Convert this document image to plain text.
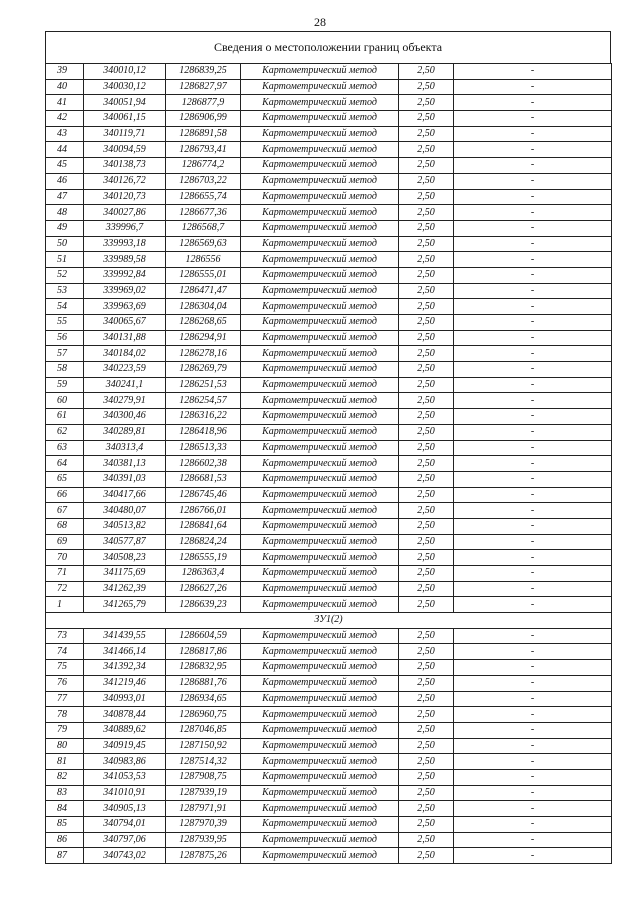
28
Сведения о местоположении границ объекта
39	340010,12	1286839,25	Картометрический метод	2,50	-
40	340030,12	1286827,97	Картометрический метод	2,50	-
41	340051,94	1286877,9	Картометрический метод	2,50	-
42	340061,15	1286906,99	Картометрический метод	2,50	-
43	340119,71	1286891,58	Картометрический метод	2,50	-
44	340094,59	1286793,41	Картометрический метод	2,50	-
45	340138,73	1286774,2	Картометрический метод	2,50	-
46	340126,72	1286703,22	Картометрический метод	2,50	-
47	340120,73	1286655,74	Картометрический метод	2,50	-
48	340027,86	1286677,36	Картометрический метод	2,50	-
49	339996,7	1286568,7	Картометрический метод	2,50	-
50	339993,18	1286569,63	Картометрический метод	2,50	-
51	339989,58	1286556	Картометрический метод	2,50	-
52	339992,84	1286555,01	Картометрический метод	2,50	-
53	339969,02	1286471,47	Картометрический метод	2,50	-
54	339963,69	1286304,04	Картометрический метод	2,50	-
55	340065,67	1286268,65	Картометрический метод	2,50	-
56	340131,88	1286294,91	Картометрический метод	2,50	-
57	340184,02	1286278,16	Картометрический метод	2,50	-
58	340223,59	1286269,79	Картометрический метод	2,50	-
59	340241,1	1286251,53	Картометрический метод	2,50	-
60	340279,91	1286254,57	Картометрический метод	2,50	-
61	340300,46	1286316,22	Картометрический метод	2,50	-
62	340289,81	1286418,96	Картометрический метод	2,50	-
63	340313,4	1286513,33	Картометрический метод	2,50	-
64	340381,13	1286602,38	Картометрический метод	2,50	-
65	340391,03	1286681,53	Картометрический метод	2,50	-
66	340417,66	1286745,46	Картометрический метод	2,50	-
67	340480,07	1286766,01	Картометрический метод	2,50	-
68	340513,82	1286841,64	Картометрический метод	2,50	-
69	340577,87	1286824,24	Картометрический метод	2,50	-
70	340508,23	1286555,19	Картометрический метод	2,50	-
71	341175,69	1286363,4	Картометрический метод	2,50	-
72	341262,39	1286627,26	Картометрический метод	2,50	-
1	341265,79	1286639,23	Картометрический метод	2,50	-
ЗУ1(2)					
73	341439,55	1286604,59	Картометрический метод	2,50	-
74	341466,14	1286817,86	Картометрический метод	2,50	-
75	341392,34	1286832,95	Картометрический метод	2,50	-
76	341219,46	1286881,76	Картометрический метод	2,50	-
77	340993,01	1286934,65	Картометрический метод	2,50	-
78	340878,44	1286960,75	Картометрический метод	2,50	-
79	340889,62	1287046,85	Картометрический метод	2,50	-
80	340919,45	1287150,92	Картометрический метод	2,50	-
81	340983,86	1287514,32	Картометрический метод	2,50	-
82	341053,53	1287908,75	Картометрический метод	2,50	-
83	341010,91	1287939,19	Картометрический метод	2,50	-
84	340905,13	1287971,91	Картометрический метод	2,50	-
85	340794,01	1287970,39	Картометрический метод	2,50	-
86	340797,06	1287939,95	Картометрический метод	2,50	-
87	340743,02	1287875,26	Картометрический метод	2,50	-
